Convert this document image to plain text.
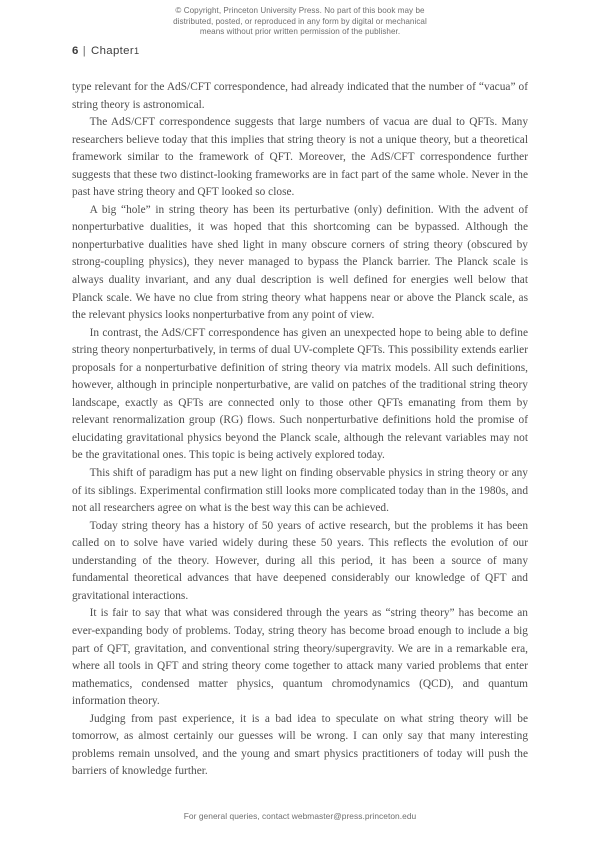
© Copyright, Princeton University Press. No part of this book may be
distributed, posted, or reproduced in any form by digital or mechanical
means without prior written permission of the publisher.
6 | Chapter1

type relevant for the AdS/CFT correspondence, had already indicated that the number of “vacua” of string theory is astronomical.

The AdS/CFT correspondence suggests that large numbers of vacua are dual to QFTs. Many researchers believe today that this implies that string theory is not a unique theory, but a theoretical framework similar to the framework of QFT. Moreover, the AdS/CFT correspondence further suggests that these two distinct-looking frameworks are in fact part of the same whole. Never in the past have string theory and QFT looked so close.

A big “hole” in string theory has been its perturbative (only) definition. With the advent of nonperturbative dualities, it was hoped that this shortcoming can be bypassed. Although the nonperturbative dualities have shed light in many obscure corners of string theory (obscured by strong-coupling physics), they never managed to bypass the Planck barrier. The Planck scale is always duality invariant, and any dual description is well defined for energies well below that Planck scale. We have no clue from string theory what happens near or above the Planck scale, as the relevant physics looks nonperturbative from any point of view.

In contrast, the AdS/CFT correspondence has given an unexpected hope to being able to define string theory nonperturbatively, in terms of dual UV-complete QFTs. This possibility extends earlier proposals for a nonperturbative definition of string theory via matrix models. All such definitions, however, although in principle nonperturbative, are valid on patches of the traditional string theory landscape, exactly as QFTs are connected only to those other QFTs emanating from them by relevant renormalization group (RG) flows. Such nonperturbative definitions hold the promise of elucidating gravitational physics beyond the Planck scale, although the relevant variables may not be the gravitational ones. This topic is being actively explored today.

This shift of paradigm has put a new light on finding observable physics in string theory or any of its siblings. Experimental confirmation still looks more complicated today than in the 1980s, and not all researchers agree on what is the best way this can be achieved.

Today string theory has a history of 50 years of active research, but the problems it has been called on to solve have varied widely during these 50 years. This reflects the evolution of our understanding of the theory. However, during all this period, it has been a source of many fundamental theoretical advances that have deepened considerably our knowledge of QFT and gravitational interactions.

It is fair to say that what was considered through the years as “string theory” has become an ever-expanding body of problems. Today, string theory has become broad enough to include a big part of QFT, gravitation, and conventional string theory/supergravity. We are in a remarkable era, where all tools in QFT and string theory come together to attack many varied problems that enter mathematics, condensed matter physics, quantum chromodynamics (QCD), and quantum information theory.

Judging from past experience, it is a bad idea to speculate on what string theory will be tomorrow, as almost certainly our guesses will be wrong. I can only say that many interesting problems remain unsolved, and the young and smart physics practitioners of today will push the barriers of knowledge further.

For general queries, contact webmaster@press.princeton.edu
